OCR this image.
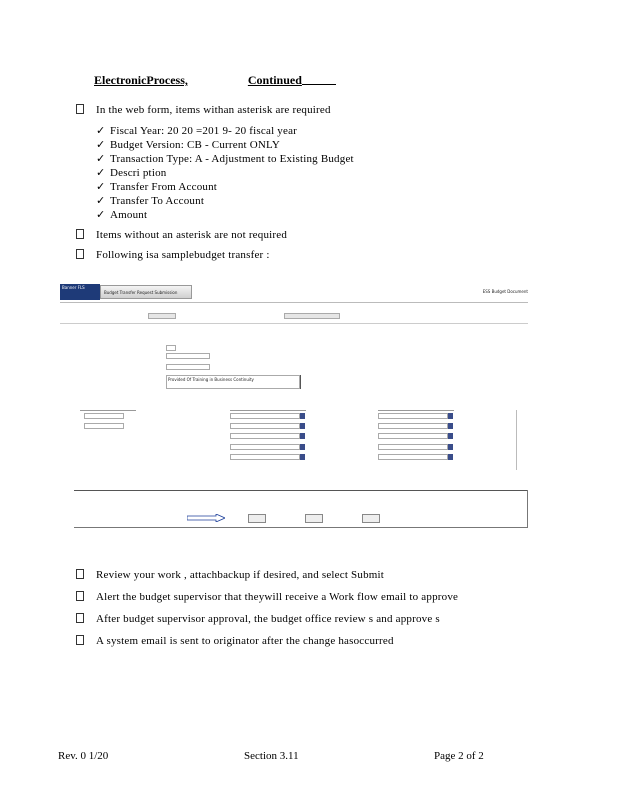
ElectronicProcess,	Continued
In the web form, items withan asterisk are required
✓ Fiscal Year: 20 20 =201 9- 20 fiscal year
✓ Budget Version: CB - Current ONLY
✓ Transaction Type: A - Adjustment to Existing Budget
✓ Descri ption
✓ Transfer From Account
✓ Transfer To Account
✓ Amount
Items without an asterisk are not required
Following isa samplebudget transfer :
Banner FLS
Budget Transfer Request Submission	ESS Budget Document
Provided Of Training in Business Continuity
Review your work , attachbackup if desired, and select Submit
Alert the budget supervisor that theywill receive a Work flow email to approve
After budget supervisor approval, the budget office review s and approve s
A system email is sent to originator after the change hasoccurred
Rev. 0 1/20	Section 3.11	Page 2 of 2
